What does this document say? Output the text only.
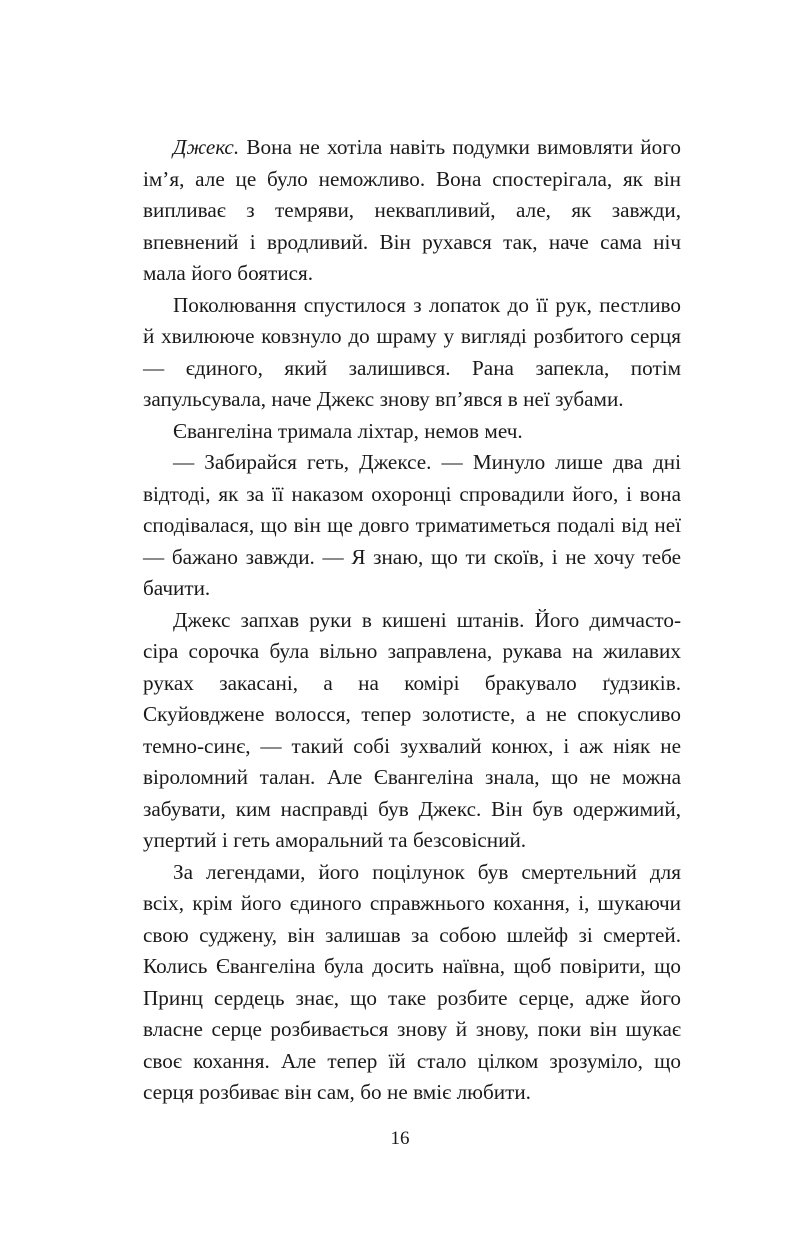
Джекс. Вона не хотіла навіть подумки вимовляти його ім’я, але це було неможливо. Вона спостерігала, як він випливає з темряви, неквапливий, але, як завжди, впевнений і вродливий. Він рухався так, наче сама ніч мала його боятися.

Поколювання спустилося з лопаток до її рук, пестливо й хвилююче ковзнуло до шраму у вигляді розбитого серця — єдиного, який залишився. Рана запекла, потім запульсувала, наче Джекс знову вп’явся в неї зубами.

Євангеліна тримала ліхтар, немов меч.

— Забирайся геть, Джексе. — Минуло лише два дні відтоді, як за її наказом охоронці спровадили його, і вона сподівалася, що він ще довго триматиметься подалі від неї — бажано завжди. — Я знаю, що ти скоїв, і не хочу тебе бачити.

Джекс запхав руки в кишені штанів. Його димчасто-сіра сорочка була вільно заправлена, рукава на жилавих руках закасані, а на комірі бракувало ґудзиків. Скуйовджене волосся, тепер золотисте, а не спокусливо темно-синє, — такий собі зухвалий конюх, і аж ніяк не віроломний талан. Але Євангеліна знала, що не можна забувати, ким насправді був Джекс. Він був одержимий, упертий і геть аморальний та безсовісний.

За легендами, його поцілунок був смертельний для всіх, крім його єдиного справжнього кохання, і, шукаючи свою суджену, він залишав за собою шлейф зі смертей. Колись Євангеліна була досить наївна, щоб повірити, що Принц сердець знає, що таке розбите серце, адже його власне серце розбивається знову й знову, поки він шукає своє кохання. Але тепер їй стало цілком зрозуміло, що серця розбиває він сам, бо не вміє любити.

16
